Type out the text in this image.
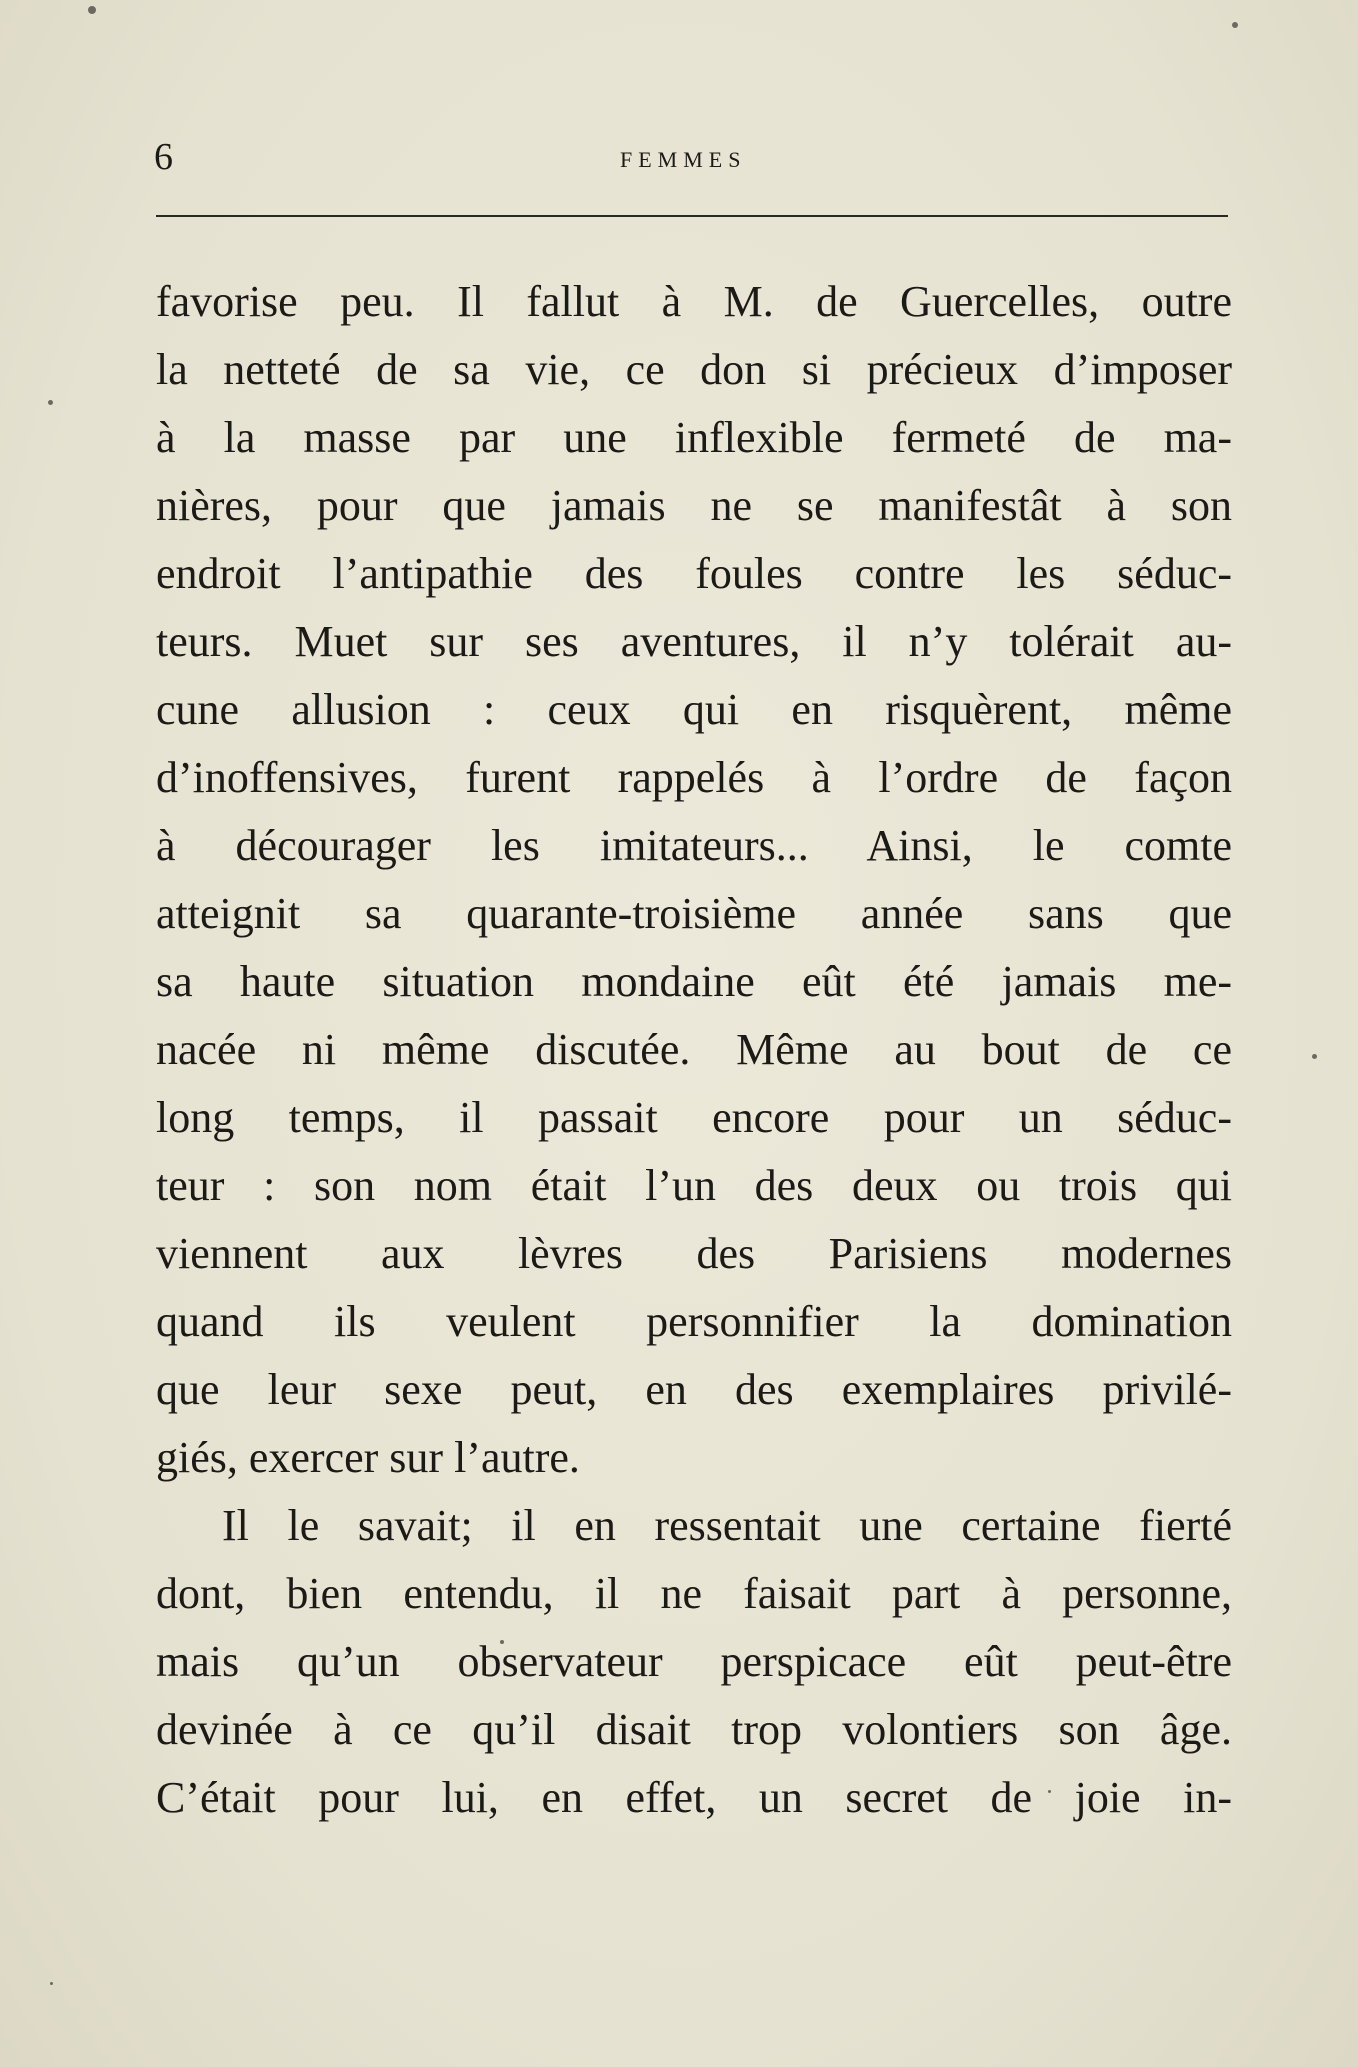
6	FEMMES
favorise peu. Il fallut à M. de Guercelles, outre
la netteté de sa vie, ce don si précieux d’imposer
à la masse par une inflexible fermeté de ma-
nières, pour que jamais ne se manifestât à son
endroit l’antipathie des foules contre les séduc-
teurs. Muet sur ses aventures, il n’y tolérait au-
cune allusion : ceux qui en risquèrent, même
d’inoffensives, furent rappelés à l’ordre de façon
à décourager les imitateurs... Ainsi, le comte
atteignit sa quarante-troisième année sans que
sa haute situation mondaine eût été jamais me-
nacée ni même discutée. Même au bout de ce
long temps, il passait encore pour un séduc-
teur : son nom était l’un des deux ou trois qui
viennent aux lèvres des Parisiens modernes
quand ils veulent personnifier la domination
que leur sexe peut, en des exemplaires privilé-
giés, exercer sur l’autre.
Il le savait; il en ressentait une certaine fierté
dont, bien entendu, il ne faisait part à personne,
mais qu’un observateur perspicace eût peut-être
devinée à ce qu’il disait trop volontiers son âge.
C’était pour lui, en effet, un secret de joie in-
